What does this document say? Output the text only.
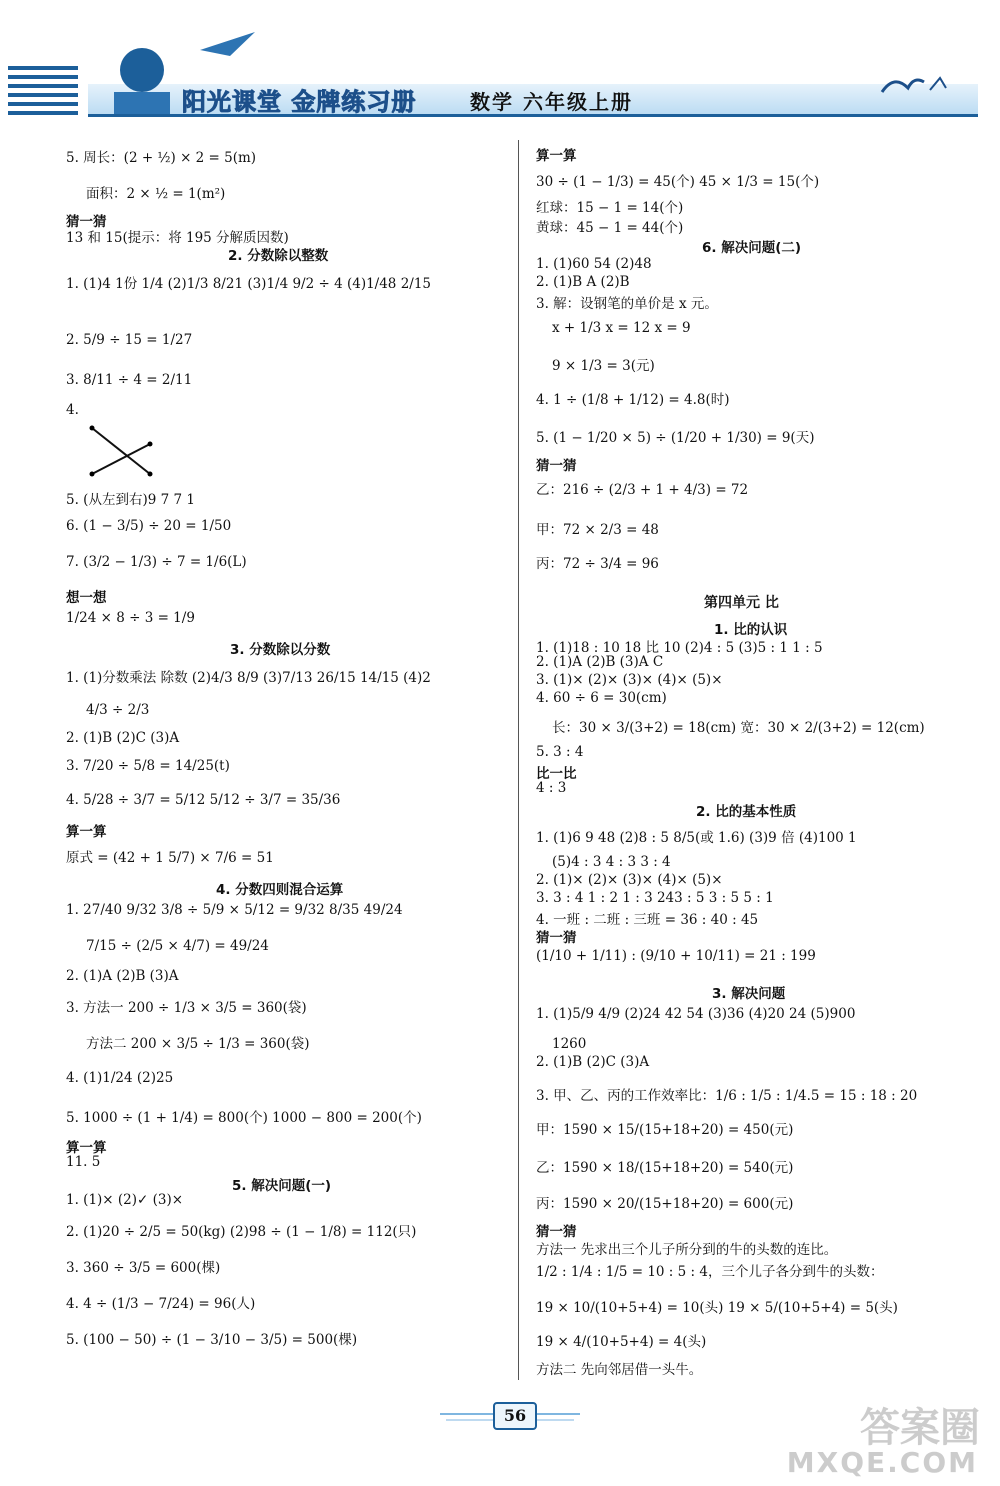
阳光课堂 金牌练习册	数学 六年级上册
5. 周长：(2 + ½) × 2 = 5(m)
面积：2 × ½ = 1(m²)
猜一猜
13 和 15(提示：将 195 分解质因数)
2. 分数除以整数
1. (1)4 1份 1/4 (2)1/3 8/21 (3)1/4 9/2 ÷ 4 (4)1/48 2/15
2. 5/9 ÷ 15 = 1/27
3. 8/11 ÷ 4 = 2/11
4.
5. (从左到右)9 7 7 1
6. (1 − 3/5) ÷ 20 = 1/50
7. (3/2 − 1/3) ÷ 7 = 1/6(L)
想一想
1/24 × 8 ÷ 3 = 1/9
3. 分数除以分数
1. (1)分数乘法 除数 (2)4/3 8/9 (3)7/13 26/15 14/15 (4)2
4/3 ÷ 2/3
2. (1)B (2)C (3)A
3. 7/20 ÷ 5/8 = 14/25(t)
4. 5/28 ÷ 3/7 = 5/12 5/12 ÷ 3/7 = 35/36
算一算
原式 = (42 + 1 5/7) × 7/6 = 51
4. 分数四则混合运算
1. 27/40 9/32 3/8 ÷ 5/9 × 5/12 = 9/32 8/35 49/24
7/15 ÷ (2/5 × 4/7) = 49/24
2. (1)A (2)B (3)A
3. 方法一 200 ÷ 1/3 × 3/5 = 360(袋)
方法二 200 × 3/5 ÷ 1/3 = 360(袋)
4. (1)1/24 (2)25
5. 1000 ÷ (1 + 1/4) = 800(个) 1000 − 800 = 200(个)
算一算
11. 5
5. 解决问题(一)
1. (1)× (2)✓ (3)×
2. (1)20 ÷ 2/5 = 50(kg) (2)98 ÷ (1 − 1/8) = 112(只)
3. 360 ÷ 3/5 = 600(棵)
4. 4 ÷ (1/3 − 7/24) = 96(人)
5. (100 − 50) ÷ (1 − 3/10 − 3/5) = 500(棵)
算一算
30 ÷ (1 − 1/3) = 45(个) 45 × 1/3 = 15(个)
红球：15 − 1 = 14(个)
黄球：45 − 1 = 44(个)
6. 解决问题(二)
1. (1)60 54 (2)48
2. (1)B A (2)B
3. 解：设钢笔的单价是 x 元。
x + 1/3 x = 12 x = 9
9 × 1/3 = 3(元)
4. 1 ÷ (1/8 + 1/12) = 4.8(时)
5. (1 − 1/20 × 5) ÷ (1/20 + 1/30) = 9(天)
猜一猜
乙：216 ÷ (2/3 + 1 + 4/3) = 72
甲：72 × 2/3 = 48
丙：72 ÷ 3/4 = 96
第四单元 比
1. 比的认识
1. (1)18 : 10 18 比 10 (2)4 : 5 (3)5 : 1 1 : 5
2. (1)A (2)B (3)A C
3. (1)× (2)× (3)× (4)× (5)×
4. 60 ÷ 6 = 30(cm)
长：30 × 3/(3+2) = 18(cm) 宽：30 × 2/(3+2) = 12(cm)
5. 3 : 4
比一比
4 : 3
2. 比的基本性质
1. (1)6 9 48 (2)8 : 5 8/5(或 1.6) (3)9 倍 (4)100 1
(5)4 : 3 4 : 3 3 : 4
2. (1)× (2)× (3)× (4)× (5)×
3. 3 : 4 1 : 2 1 : 3 243 : 5 3 : 5 5 : 1
4. 一班 : 二班 : 三班 = 36 : 40 : 45
猜一猜
(1/10 + 1/11) : (9/10 + 10/11) = 21 : 199
3. 解决问题
1. (1)5/9 4/9 (2)24 42 54 (3)36 (4)20 24 (5)900
1260
2. (1)B (2)C (3)A
3. 甲、乙、丙的工作效率比：1/6 : 1/5 : 1/4.5 = 15 : 18 : 20
甲：1590 × 15/(15+18+20) = 450(元)
乙：1590 × 18/(15+18+20) = 540(元)
丙：1590 × 20/(15+18+20) = 600(元)
猜一猜
方法一 先求出三个儿子所分到的牛的头数的连比。
1/2 : 1/4 : 1/5 = 10 : 5 : 4，三个儿子各分到牛的头数：
19 × 10/(10+5+4) = 10(头) 19 × 5/(10+5+4) = 5(头)
19 × 4/(10+5+4) = 4(头)
方法二 先向邻居借一头牛。
56	答案圈
MXQE.COM
